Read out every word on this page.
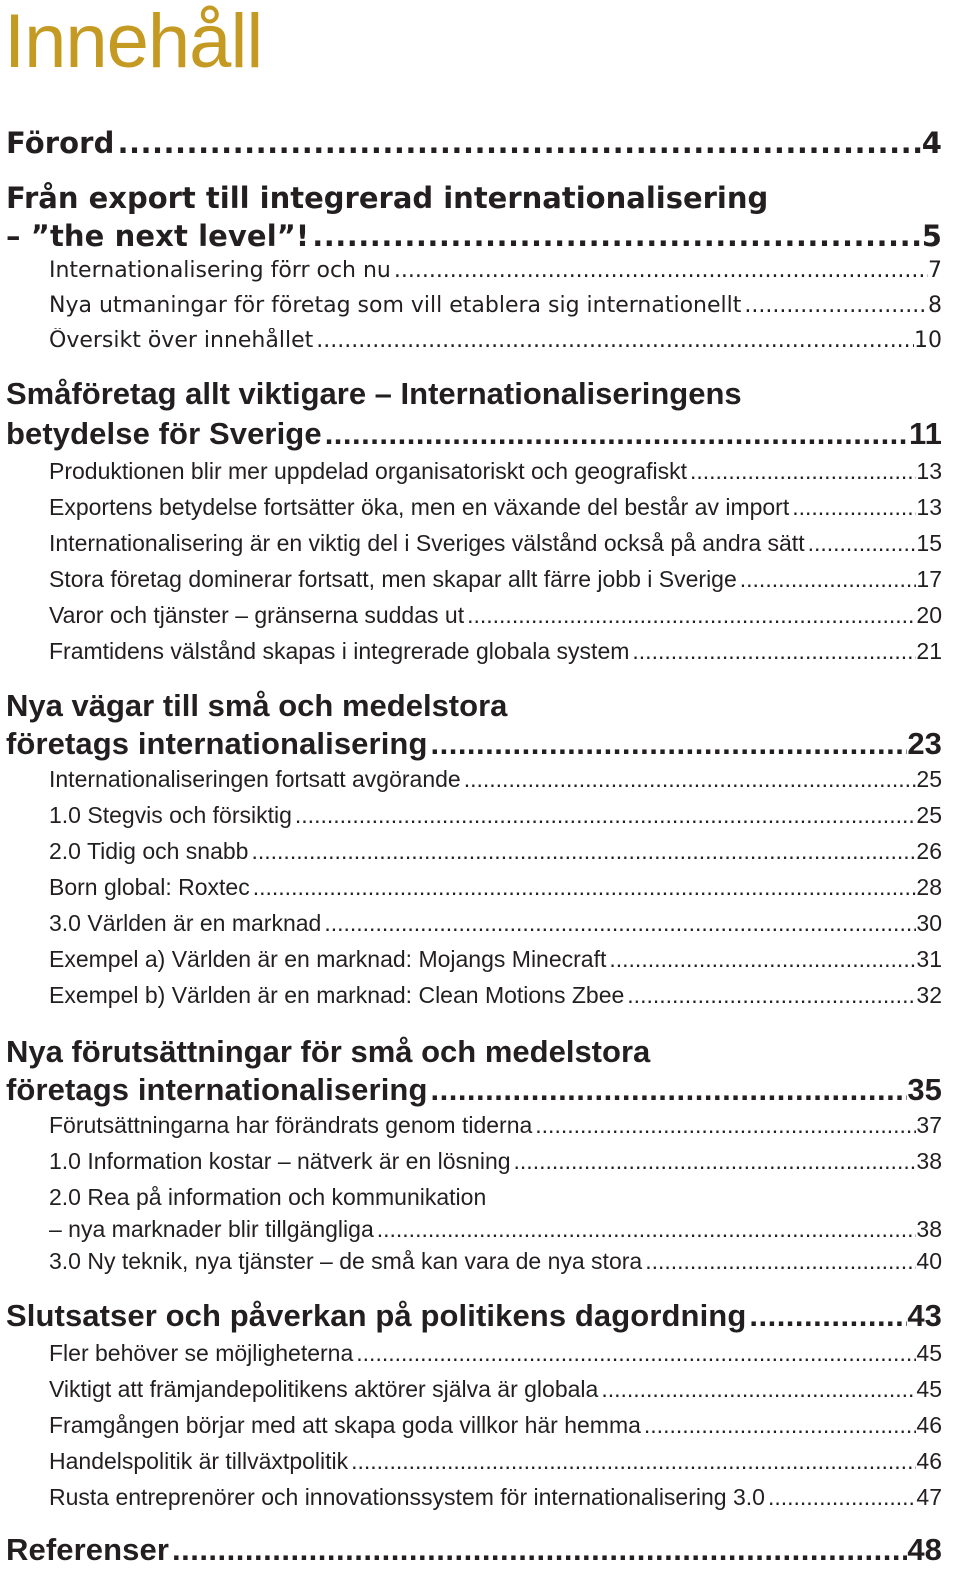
Innehåll
Förord .....	4
Från export till integrerad internationalisering
– ”the next level”! .....	5
Internationalisering förr och nu .....	7
Nya utmaningar för företag som vill etablera sig internationellt .....	8
Översikt över innehållet .....	10
Småföretag allt viktigare – Internationaliseringens
betydelse för Sverige .....	11
Produktionen blir mer uppdelad organisatoriskt och geografiskt .....	13
Exportens betydelse fortsätter öka, men en växande del består av import .....	13
Internationalisering är en viktig del i Sveriges välstånd också på andra sätt .....	15
Stora företag dominerar fortsatt, men skapar allt färre jobb i Sverige .....	17
Varor och tjänster – gränserna suddas ut .....	20
Framtidens välstånd skapas i integrerade globala system .....	21
Nya vägar till små och medelstora
företags internationalisering .....	23
Internationaliseringen fortsatt avgörande .....	25
1.0 Stegvis och försiktig .....	25
2.0 Tidig och snabb .....	26
Born global: Roxtec .....	28
3.0 Världen är en marknad .....	30
Exempel a) Världen är en marknad: Mojangs Minecraft .....	31
Exempel b) Världen är en marknad: Clean Motions Zbee .....	32
Nya förutsättningar för små och medelstora
företags internationalisering .....	35
Förutsättningarna har förändrats genom tiderna .....	37
1.0 Information kostar – nätverk är en lösning .....	38
2.0 Rea på information och kommunikation
– nya marknader blir tillgängliga .....	38
3.0 Ny teknik, nya tjänster – de små kan vara de nya stora .....	40
Slutsatser och påverkan på politikens dagordning .....	43
Fler behöver se möjligheterna .....	45
Viktigt att främjandepolitikens aktörer själva är globala .....	45
Framgången börjar med att skapa goda villkor här hemma .....	46
Handelspolitik är tillväxtpolitik .....	46
Rusta entreprenörer och innovationssystem för internationalisering 3.0 .....	47
Referenser .....	48
